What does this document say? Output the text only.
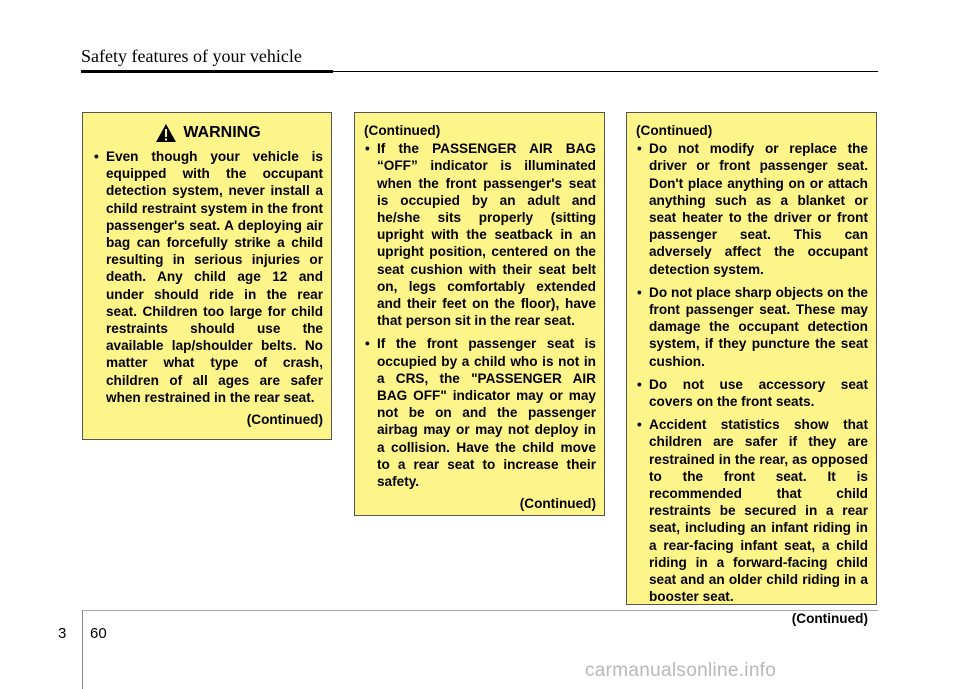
Safety features of your vehicle
WARNING
• Even though your vehicle is equipped with the occupant detection system, never install a child restraint system in the front passenger's seat. A deploying air bag can forcefully strike a child resulting in serious injuries or death. Any child age 12 and under should ride in the rear seat. Children too large for child restraints should use the available lap/shoulder belts. No matter what type of crash, children of all ages are safer when restrained in the rear seat.
(Continued)
(Continued)
• If the PASSENGER AIR BAG “OFF” indicator is illuminated when the front passenger's seat is occupied by an adult and he/she sits properly (sitting upright with the seatback in an upright position, centered on the seat cushion with their seat belt on, legs comfortably extended and their feet on the floor), have that person sit in the rear seat.
• If the front passenger seat is occupied by a child who is not in a CRS, the "PASSENGER AIR BAG OFF" indicator may or may not be on and the passenger airbag may or may not deploy in a collision. Have the child move to a rear seat to increase their safety.
(Continued)
(Continued)
• Do not modify or replace the driver or front passenger seat. Don't place anything on or attach anything such as a blanket or seat heater to the driver or front passenger seat. This can adversely affect the occupant detection system.
• Do not place sharp objects on the front passenger seat. These may damage the occupant detection system, if they puncture the seat cushion.
• Do not use accessory seat covers on the front seats.
• Accident statistics show that children are safer if they are restrained in the rear, as opposed to the front seat. It is recommended that child restraints be secured in a rear seat, including an infant riding in a rear-facing infant seat, a child riding in a forward-facing child seat and an older child riding in a booster seat.
(Continued)
3 60
carmanualsonline.info
